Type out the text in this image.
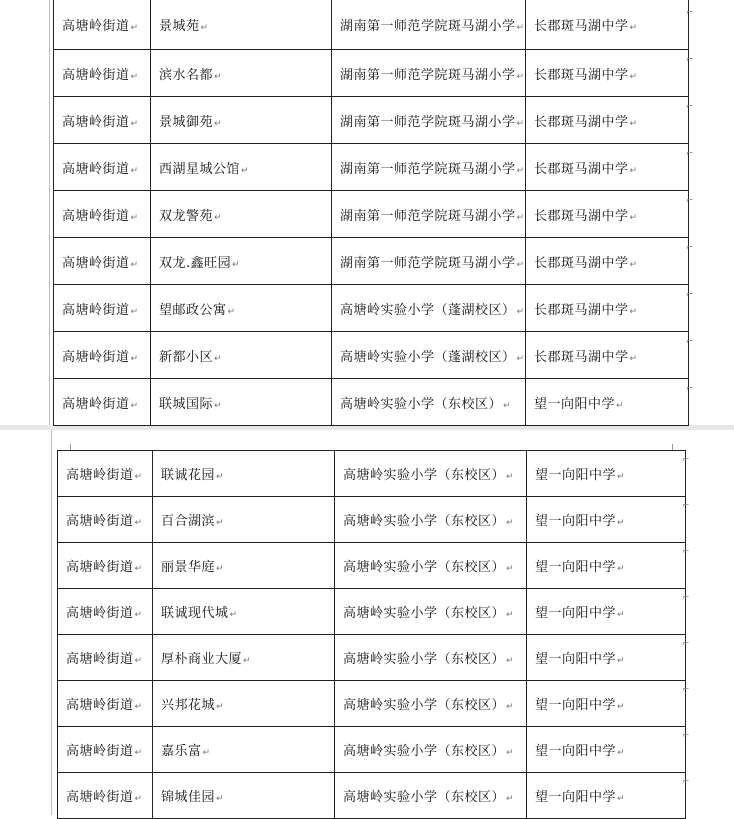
高塘岭街道↵	景城苑↵	湖南第一师范学院斑马湖小学↵	长郡斑马湖中学↵
高塘岭街道↵	滨水名都↵	湖南第一师范学院斑马湖小学↵	长郡斑马湖中学↵
高塘岭街道↵	景城御苑↵	湖南第一师范学院斑马湖小学↵	长郡斑马湖中学↵
高塘岭街道↵	西湖星城公馆↵	湖南第一师范学院斑马湖小学↵	长郡斑马湖中学↵
高塘岭街道↵	双龙警苑↵	湖南第一师范学院斑马湖小学↵	长郡斑马湖中学↵
高塘岭街道↵	双龙.鑫旺园↵	湖南第一师范学院斑马湖小学↵	长郡斑马湖中学↵
高塘岭街道↵	望邮政公寓↵	高塘岭实验小学（蓬湖校区）↵	长郡斑马湖中学↵
高塘岭街道↵	新都小区↵	高塘岭实验小学（蓬湖校区）↵	长郡斑马湖中学↵
高塘岭街道↵	联城国际↵	高塘岭实验小学（东校区）↵	望一向阳中学↵
高塘岭街道↵	联诚花园↵	高塘岭实验小学（东校区）↵	望一向阳中学↵
高塘岭街道↵	百合湖滨↵	高塘岭实验小学（东校区）↵	望一向阳中学↵
高塘岭街道↵	丽景华庭↵	高塘岭实验小学（东校区）↵	望一向阳中学↵
高塘岭街道↵	联诚现代城↵	高塘岭实验小学（东校区）↵	望一向阳中学↵
高塘岭街道↵	厚朴商业大厦↵	高塘岭实验小学（东校区）↵	望一向阳中学↵
高塘岭街道↵	兴邦花城↵	高塘岭实验小学（东校区）↵	望一向阳中学↵
高塘岭街道↵	嘉乐富↵	高塘岭实验小学（东校区）↵	望一向阳中学↵
高塘岭街道↵	锦城佳园↵	高塘岭实验小学（东校区）↵	望一向阳中学↵
⌐
⌐
⌐
⌐
⌐
⌐
⌐
⌐
⌐
⌐
⌐
⌐
⌐
⌐
⌐
⌐
⌐
